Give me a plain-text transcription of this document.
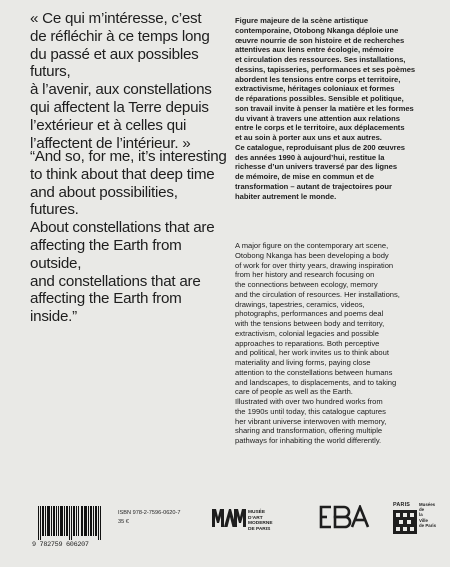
« Ce qui m’intéresse, c’est
de réfléchir à ce temps long
du passé et aux possibles futurs,
à l’avenir, aux constellations
qui affectent la Terre depuis
l’extérieur et à celles qui
l’affectent de l’intérieur. »

“And so, for me, it’s interesting
to think about that deep time
and about possibilities, futures.
About constellations that are
affecting the Earth from outside,
and constellations that are
affecting the Earth from inside.”

Figure majeure de la scène artistique
contemporaine, Otobong Nkanga déploie une
œuvre nourrie de son histoire et de recherches
attentives aux liens entre écologie, mémoire
et circulation des ressources. Ses installations,
dessins, tapisseries, performances et ses poèmes
abordent les tensions entre corps et territoire,
extractivisme, héritages coloniaux et formes
de réparations possibles. Sensible et politique,
son travail invite à penser la matière et les formes
du vivant à travers une attention aux relations
entre le corps et le territoire, aux déplacements
et au soin à porter aux uns et aux autres.
Ce catalogue, reproduisant plus de 200 œuvres
des années 1990 à aujourd’hui, restitue la
richesse d’un univers traversé par des lignes
de mémoire, de mise en commun et de
transformation – autant de trajectoires pour
habiter autrement le monde.

A major figure on the contemporary art scene,
Otobong Nkanga has been developing a body
of work for over thirty years, drawing inspiration
from her history and research focusing on
the connections between ecology, memory
and the circulation of resources. Her installations,
drawings, tapestries, ceramics, videos,
photographs, performances and poems deal
with the tensions between body and territory,
extractivism, colonial legacies and possible
approaches to reparations. Both perceptive
and political, her work invites us to think about
materiality and living forms, paying close
attention to the constellations between humans
and landscapes, to displacements, and to taking
care of people as well as the Earth.
Illustrated with over two hundred works from
the 1990s until today, this catalogue captures
her vibrant universe interwoven with memory,
sharing and transformation, offering multiple
pathways for inhabiting the world differently.

9 782759 606207
ISBN 978-2-7596-0620-7
35 €
MUSÉE
D’ART MODERNE
DE PARIS
PARIS Musées
de
la
Ville
de Paris
